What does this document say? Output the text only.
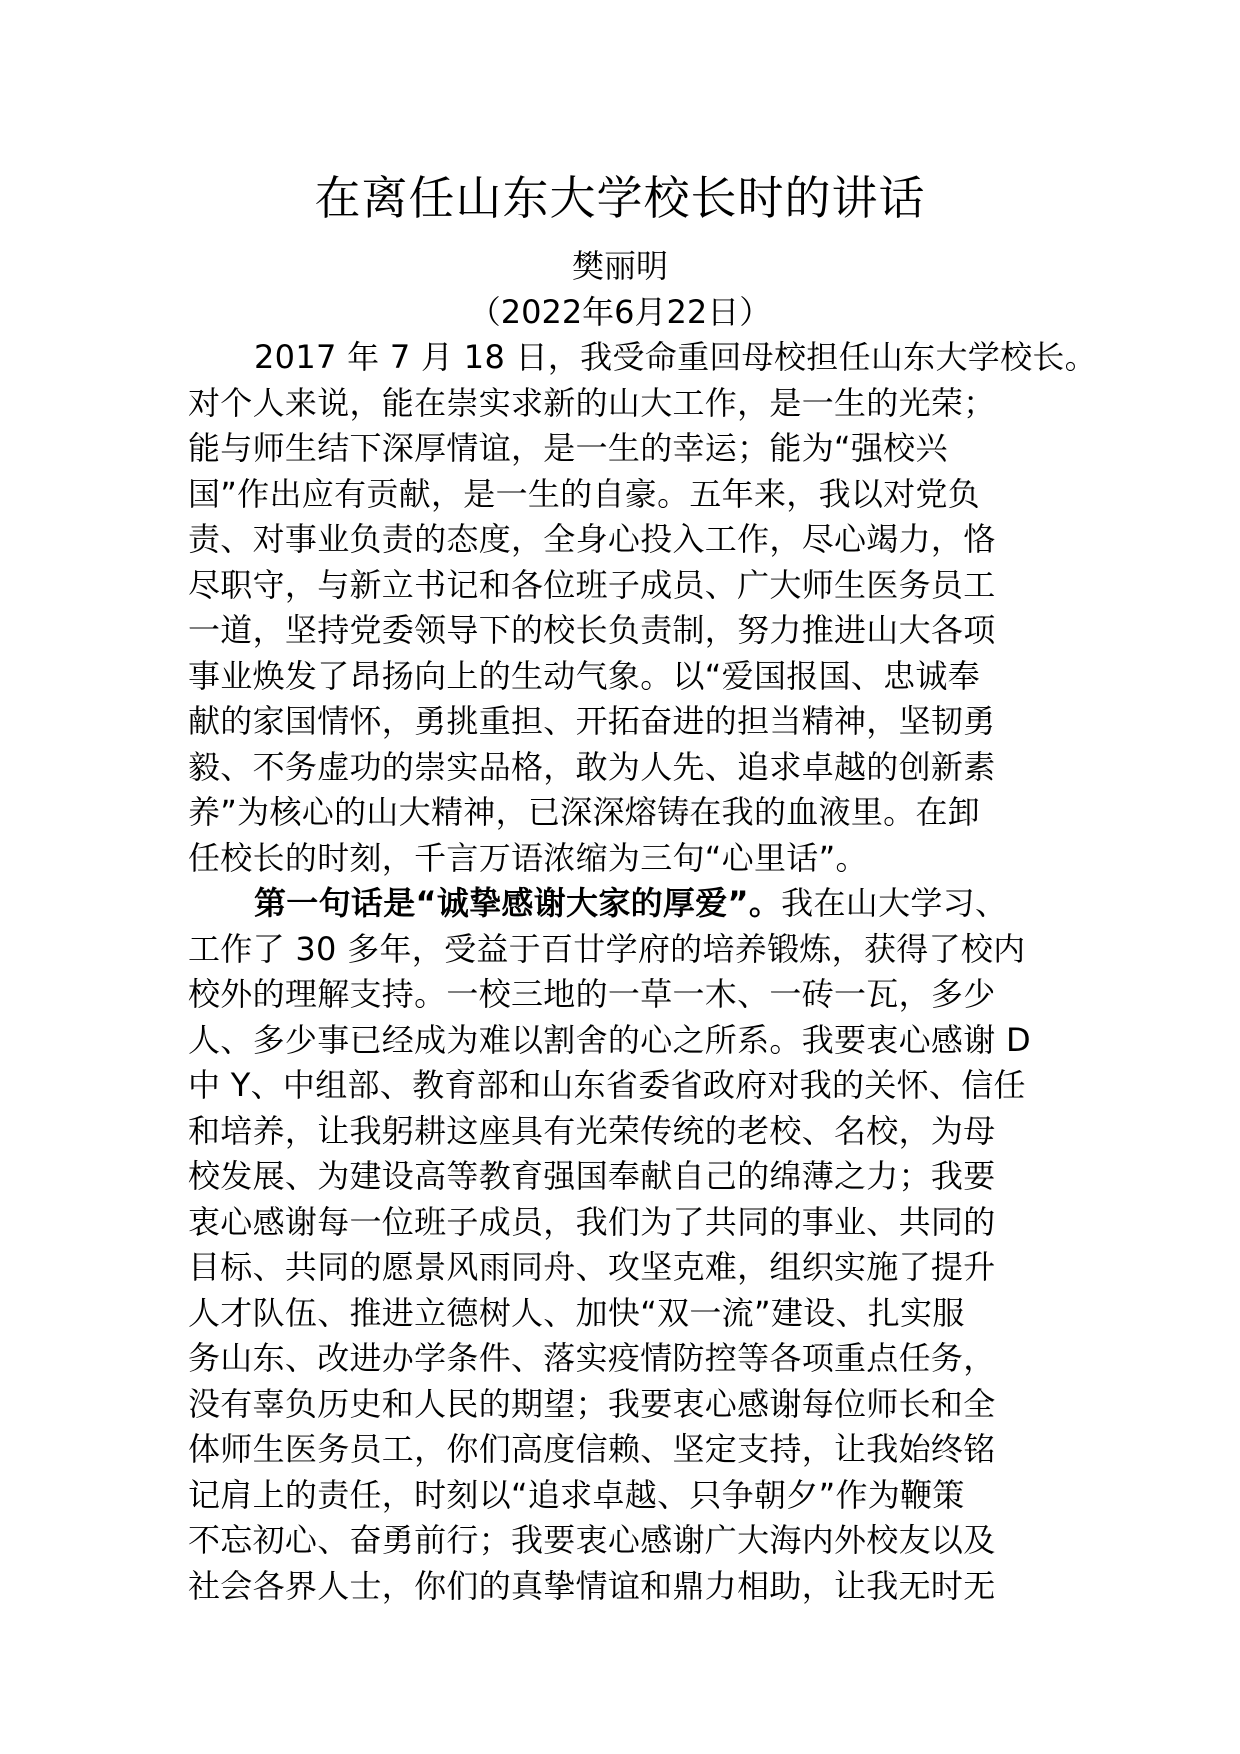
在离任山东大学校长时的讲话
樊丽明
（2022年6月22日）
2017 年 7 月 18 日，我受命重回母校担任山东大学校长。
对个人来说，能在崇实求新的山大工作，是一生的光荣；
能与师生结下深厚情谊，是一生的幸运；能为“强校兴
国”作出应有贡献，是一生的自豪。五年来，我以对党负
责、对事业负责的态度，全身心投入工作，尽心竭力，恪
尽职守，与新立书记和各位班子成员、广大师生医务员工
一道，坚持党委领导下的校长负责制，努力推进山大各项
事业焕发了昂扬向上的生动气象。以“爱国报国、忠诚奉
献的家国情怀，勇挑重担、开拓奋进的担当精神，坚韧勇
毅、不务虚功的崇实品格，敢为人先、追求卓越的创新素
养”为核心的山大精神，已深深熔铸在我的血液里。在卸
任校长的时刻，千言万语浓缩为三句“心里话”。
第一句话是“诚挚感谢大家的厚爱”。我在山大学习、
工作了 30 多年，受益于百廿学府的培养锻炼，获得了校内
校外的理解支持。一校三地的一草一木、一砖一瓦，多少
人、多少事已经成为难以割舍的心之所系。我要衷心感谢 D
中 Y、中组部、教育部和山东省委省政府对我的关怀、信任
和培养，让我躬耕这座具有光荣传统的老校、名校，为母
校发展、为建设高等教育强国奉献自己的绵薄之力；我要
衷心感谢每一位班子成员，我们为了共同的事业、共同的
目标、共同的愿景风雨同舟、攻坚克难，组织实施了提升
人才队伍、推进立德树人、加快“双一流”建设、扎实服
务山东、改进办学条件、落实疫情防控等各项重点任务，
没有辜负历史和人民的期望；我要衷心感谢每位师长和全
体师生医务员工，你们高度信赖、坚定支持，让我始终铭
记肩上的责任，时刻以“追求卓越、只争朝夕”作为鞭策
不忘初心、奋勇前行；我要衷心感谢广大海内外校友以及
社会各界人士，你们的真挚情谊和鼎力相助，让我无时无
